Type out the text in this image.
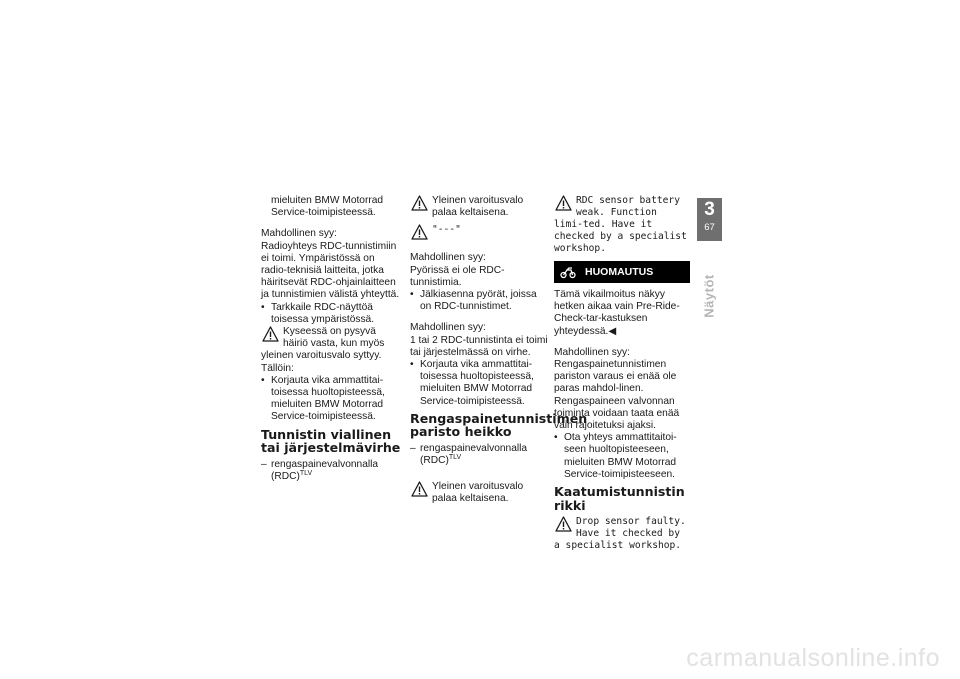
mieluiten BMW Motorrad

Service-toimipisteessä.

Mahdollinen syy:

Radioyhteys RDC-tunnistimiin ei toimi. Ympäristössä on radio-teknisiä laitteita, jotka häiritsevät RDC-ohjainlaitteen ja tunnistimien välistä yhteyttä.

• Tarkkaile RDC-näyttöä toisessa ympäristössä.

Kyseessä on pysyvä häiriö vasta, kun myös yleinen varoitusvalo syttyy.

Tällöin:

• Korjauta vika ammattitai-toisessa huoltopisteessä, mieluiten BMW Motorrad Service-toimipisteessä.

Tunnistin viallinen tai järjestelmävirhe

– rengaspainevalvonnalla (RDC)$^{TLV}$

Yleinen varoitusvalo palaa keltaisena.
"---"

Mahdollinen syy:

Pyörissä ei ole RDC-tunnistimia.

• Jälkiasenna pyörät, joissa on RDC-tunnistimet.

Mahdollinen syy:

1 tai 2 RDC-tunnistinta ei toimi tai järjestelmässä on virhe.

• Korjauta vika ammattitai-toisessa huoltopisteessä, mieluiten BMW Motorrad Service-toimipisteessä.

Rengaspainetunnistimen paristo heikko

– rengaspainevalvonnalla (RDC)$^{TLV}$

Yleinen varoitusvalo palaa keltaisena.
RDC sensor battery weak. Function limi-ted. Have it checked by a specialist workshop.
HUOMAUTUS

Tämä vikailmoitus näkyy hetken aikaa vain Pre-Ride-Check-tar-kastuksen yhteydessä.◀

Mahdollinen syy:

Rengaspainetunnistimen pariston varaus ei enää ole paras mahdol-linen. Rengaspaineen valvonnan toiminta voidaan taata enää vain rajoitetuksi ajaksi.

• Ota yhteys ammattitaitoi-seen huoltopisteeseen, mieluiten BMW Motorrad Service-toimipisteeseen.

Kaatumistunnistin rikki
Drop sensor faulty. Have it checked by a specialist workshop.
3
67
Näytöt
carmanualsonline.info
